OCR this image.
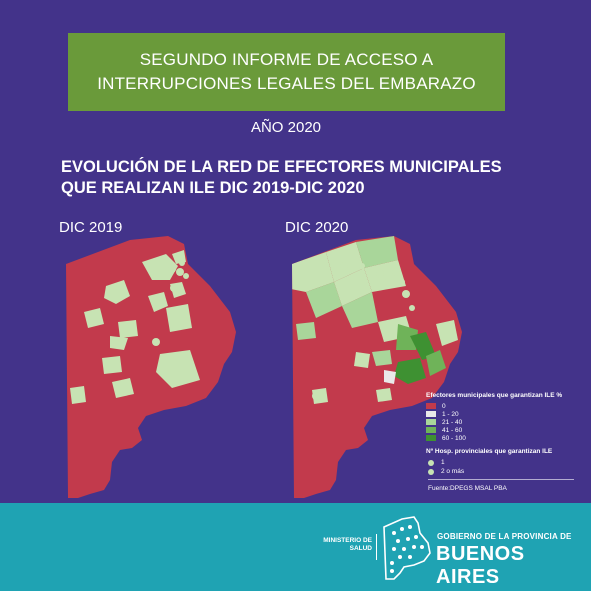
SEGUNDO INFORME DE ACCESO A
INTERRUPCIONES LEGALES DEL EMBARAZO
AÑO 2020
EVOLUCIÓN DE LA RED DE EFECTORES MUNICIPALES
QUE REALIZAN ILE DIC 2019-DIC 2020
DIC 2019	DIC 2020
Efectores municipales que garantizan ILE %
0
1 - 20
21 - 40
41 - 60
60 - 100
Nº Hosp. provinciales que garantizan ILE
1
2 o más
Fuente:DPEGS MSAL PBA
MINISTERIO DE
SALUD
GOBIERNO DE LA PROVINCIA DE
BUENOS AIRES
